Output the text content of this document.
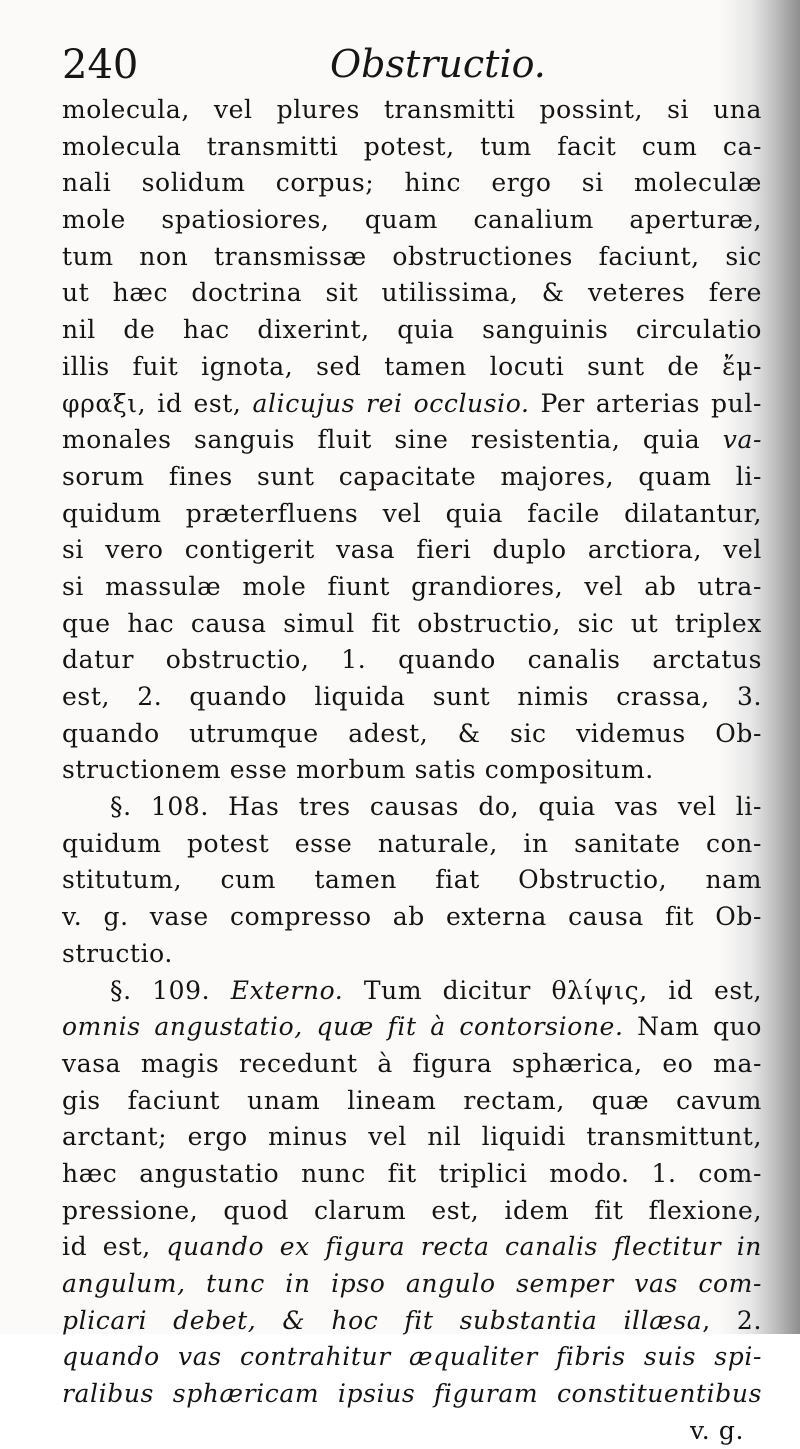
240	Obstructio.
molecula, vel plures transmitti possint, si una
molecula transmitti potest, tum facit cum ca-
nali solidum corpus; hinc ergo si moleculæ
mole spatiosiores, quam canalium aperturæ,
tum non transmissæ obstructiones faciunt, sic
ut hæc doctrina sit utilissima, & veteres fere
nil de hac dixerint, quia sanguinis circulatio
illis fuit ignota, sed tamen locuti sunt de ἔμ-
φραξι, id est, alicujus rei occlusio. Per arterias pul-
monales sanguis fluit sine resistentia, quia va-
sorum fines sunt capacitate majores, quam li-
quidum præterfluens vel quia facile dilatantur,
si vero contigerit vasa fieri duplo arctiora, vel
si massulæ mole fiunt grandiores, vel ab utra-
que hac causa simul fit obstructio, sic ut triplex
datur obstructio, 1. quando canalis arctatus
est, 2. quando liquida sunt nimis crassa, 3.
quando utrumque adest, & sic videmus Ob-
structionem esse morbum satis compositum.
§. 108. Has tres causas do, quia vas vel li-
quidum potest esse naturale, in sanitate con-
stitutum, cum tamen fiat Obstructio, nam
v. g. vase compresso ab externa causa fit Ob-
structio.
§. 109. Externo. Tum dicitur θλίψις, id est,
omnis angustatio, quæ fit à contorsione. Nam quo
vasa magis recedunt à figura sphærica, eo ma-
gis faciunt unam lineam rectam, quæ cavum
arctant; ergo minus vel nil liquidi transmittunt,
hæc angustatio nunc fit triplici modo. 1. com-
pressione, quod clarum est, idem fit flexione,
id est, quando ex figura recta canalis flectitur in
angulum, tunc in ipso angulo semper vas com-
plicari debet, & hoc fit substantia illæsa, 2.
quando vas contrahitur æqualiter fibris suis spi-
ralibus sphæricam ipsius figuram constituentibus
v. g.
